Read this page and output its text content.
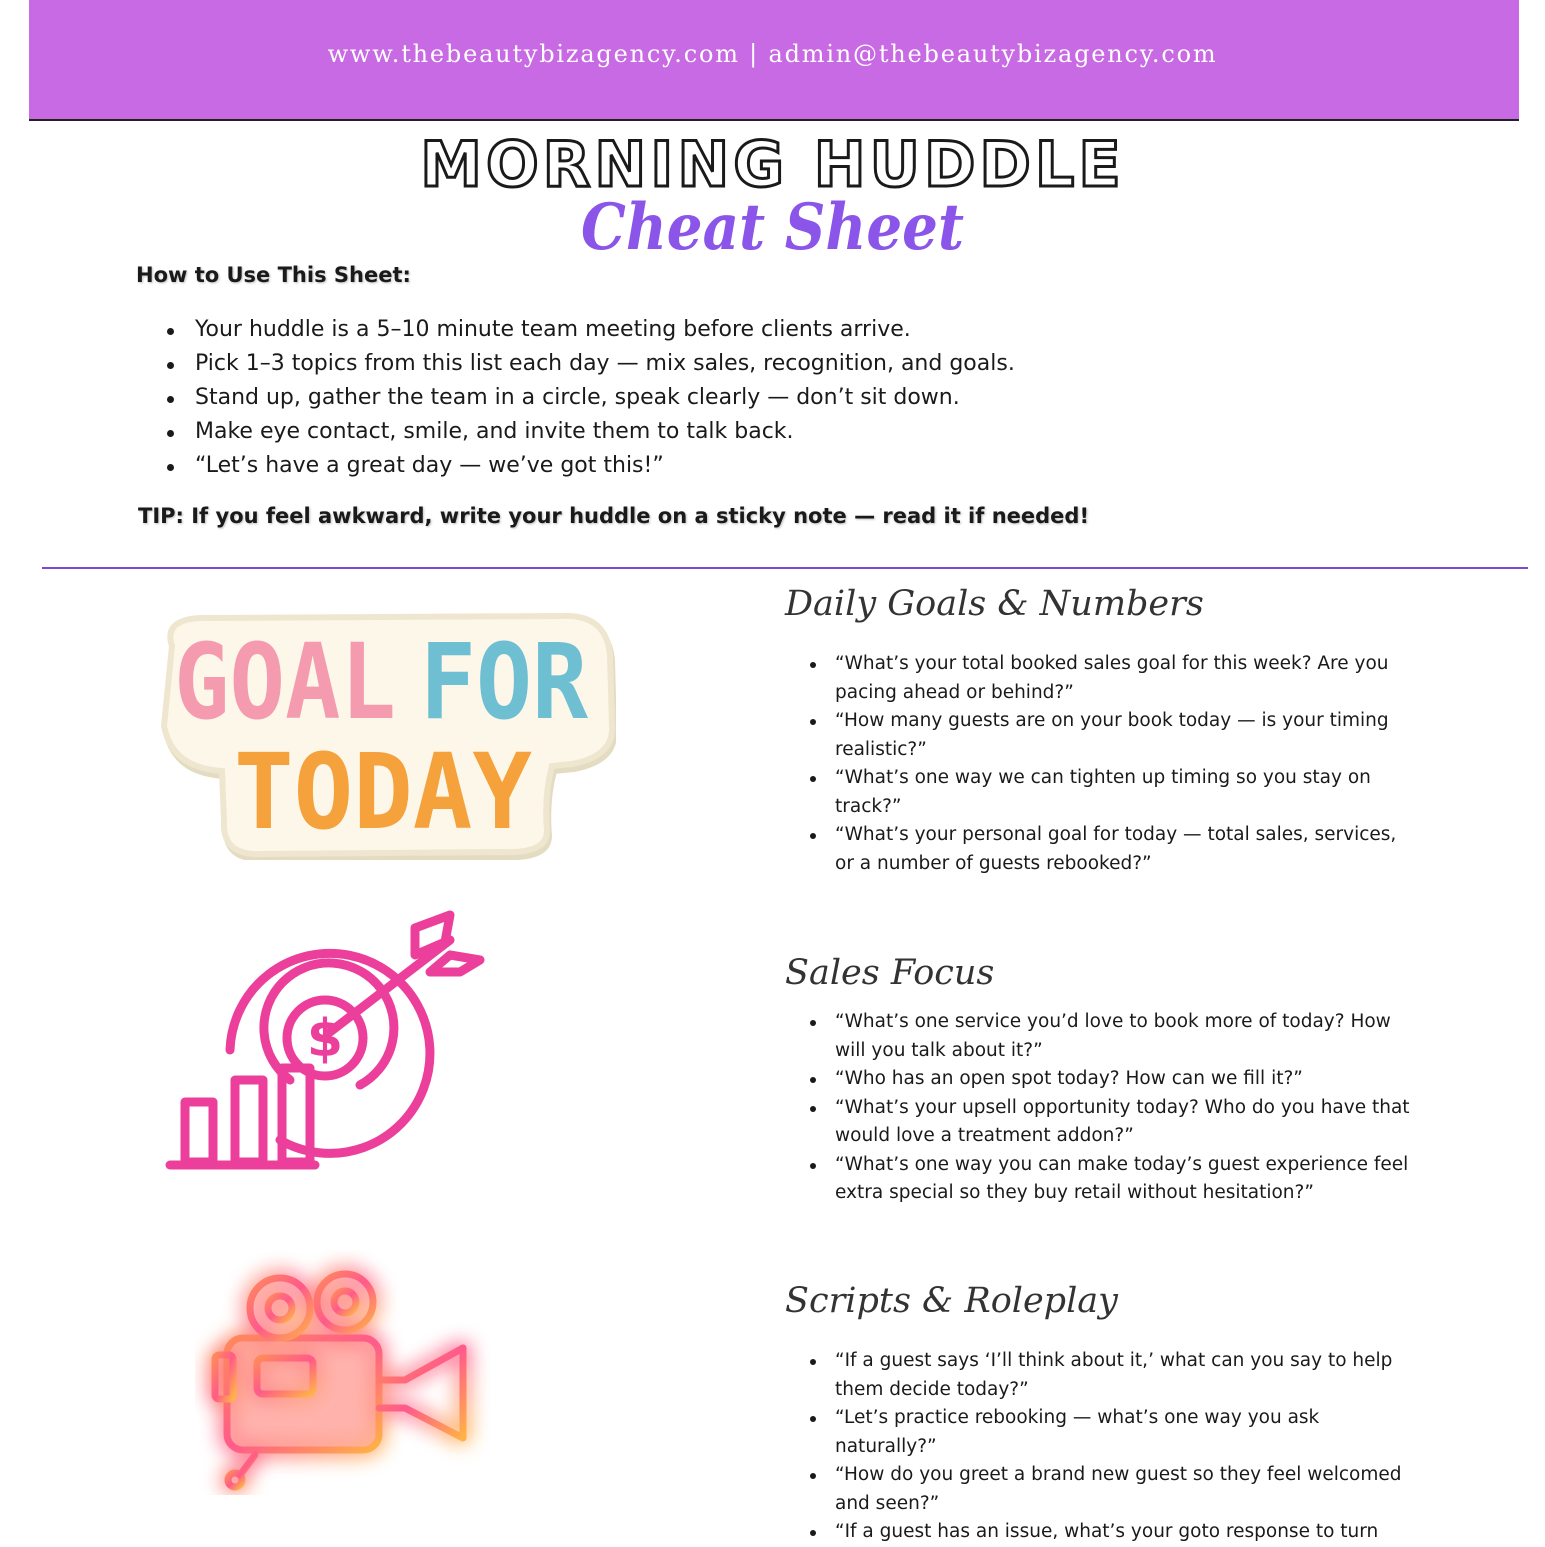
www.thebeautybizagency.com | admin@thebeautybizagency.com
MORNING HUDDLE
Cheat Sheet
How to Use This Sheet:
Your huddle is a 5–10 minute team meeting before clients arrive.
Pick 1–3 topics from this list each day — mix sales, recognition, and goals.
Stand up, gather the team in a circle, speak clearly — don’t sit down.
Make eye contact, smile, and invite them to talk back.
“Let’s have a great day — we’ve got this!”
TIP: If you feel awkward, write your huddle on a sticky note — read it if needed!
GOAL FOR
TODAY
$
Daily Goals & Numbers
“What’s your total booked sales goal for this week? Are you pacing ahead or behind?”
“How many guests are on your book today — is your timing realistic?”
“What’s one way we can tighten up timing so you stay on track?”
“What’s your personal goal for today — total sales, services, or a number of guests rebooked?”
Sales Focus
“What’s one service you’d love to book more of today? How will you talk about it?”
“Who has an open spot today? How can we fill it?”
“What’s your upsell opportunity today? Who do you have that would love a treatment addon?”
“What’s one way you can make today’s guest experience feel extra special so they buy retail without hesitation?”
Scripts & Roleplay
“If a guest says ‘I’ll think about it,’ what can you say to help them decide today?”
“Let’s practice rebooking — what’s one way you ask naturally?”
“How do you greet a brand new guest so they feel welcomed and seen?”
“If a guest has an issue, what’s your goto response to turn
